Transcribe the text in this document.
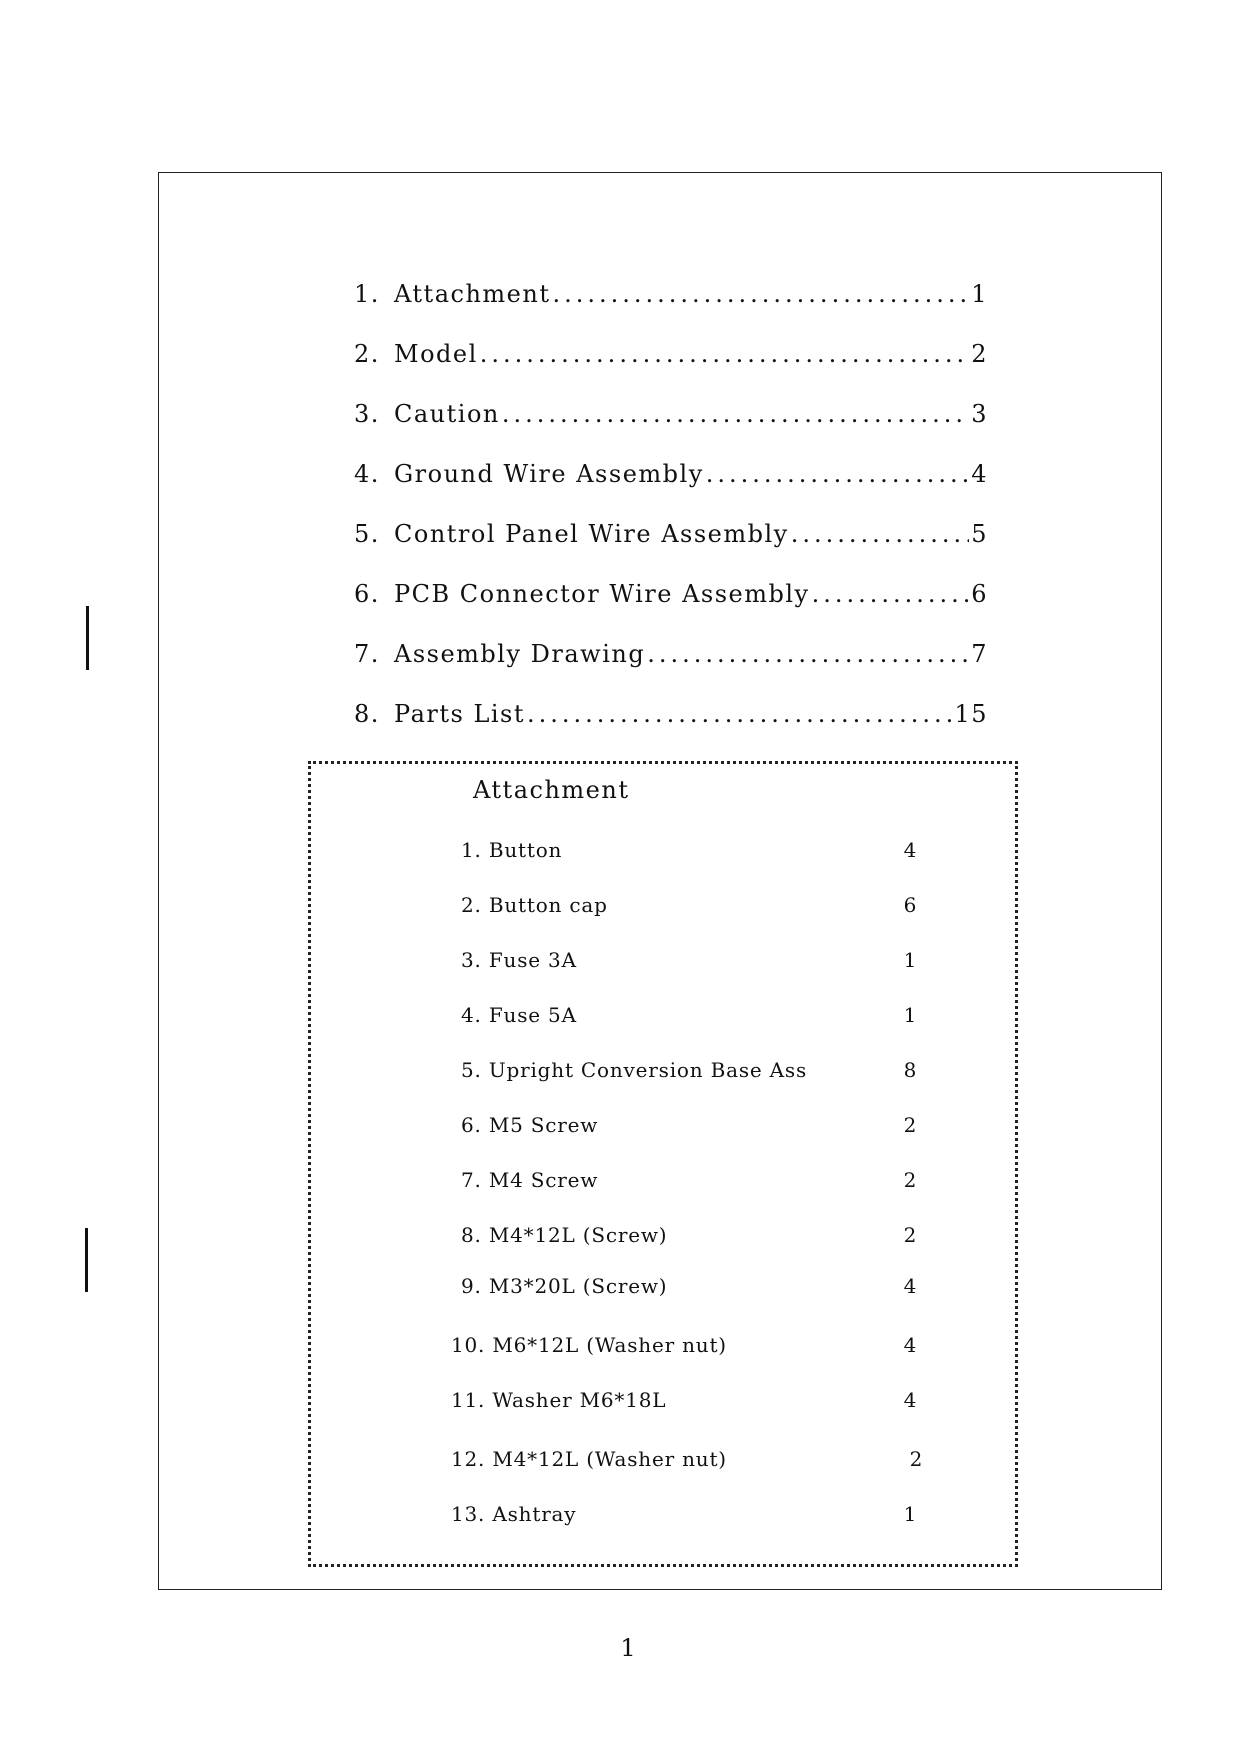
1. Attachment .....	1
2. Model .....	2
3. Caution .....	3
4. Ground Wire Assembly .....	4
5. Control Panel Wire Assembly .....	5
6. PCB Connector Wire Assembly .....	6
7. Assembly Drawing .....	7
8. Parts List .....	15
Attachment
1. Button	4
2. Button cap	6
3. Fuse 3A	1
4. Fuse 5A	1
5. Upright Conversion Base Ass	8
6. M5 Screw	2
7. M4 Screw	2
8. M4*12L (Screw)	2
9. M3*20L (Screw)	4
10. M6*12L (Washer nut)	4
11. Washer M6*18L	4
12. M4*12L (Washer nut)	2
13. Ashtray	1
1
